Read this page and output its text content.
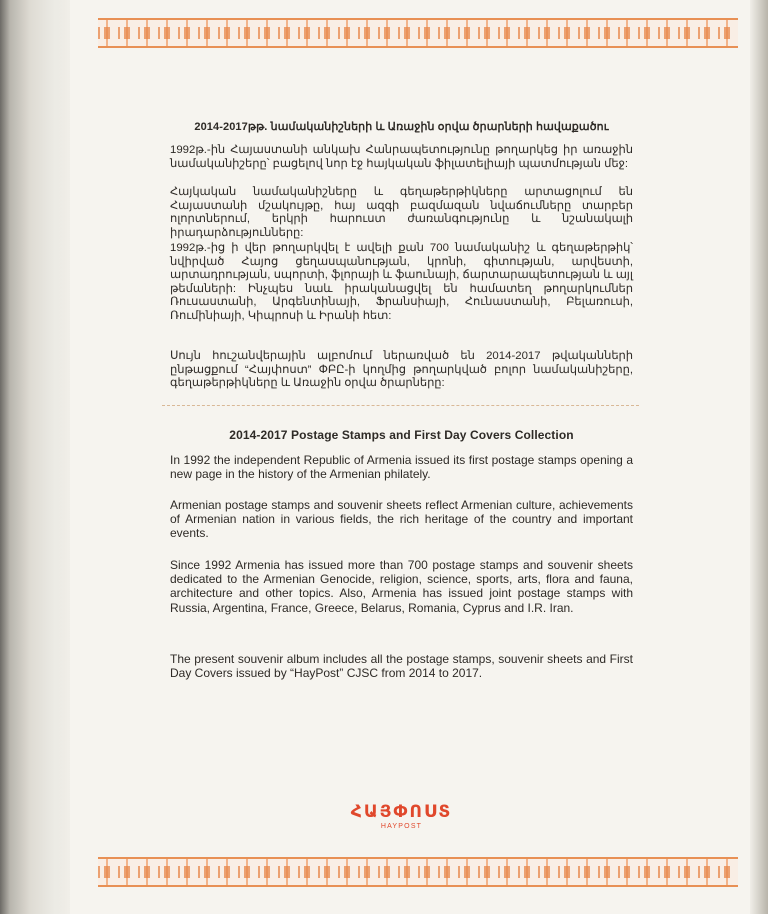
2014-2017թթ. նամականիշների և Առաջին օրվա ծրարների հավաքածու

1992թ.-ին Հայաստանի անկախ Հանրապետությունը թողարկեց իր առաջին նամականիշերը՝ բացելով նոր էջ հայկական ֆիլատելիայի պատմության մեջ:

Հայկական նամականիշները և գեղաթերթիկները արտացոլում են Հայաստանի մշակույթը, հայ ազգի բազմազան նվաճումները տարբեր ոլորտներում, երկրի հարուստ ժառանգությունը և նշանակալի իրադարձությունները:

1992թ.-ից ի վեր թողարկվել է ավելի քան 700 նամականիշ և գեղաթերթիկ՝ նվիրված Հայոց ցեղասպանության, կրոնի, գիտության, արվեստի, արտադրության, սպորտի, ֆլորայի և ֆաունայի, ճարտարապետության և այլ թեմաների: Ինչպես նաև իրականացվել են համատեղ թողարկումներ Ռուսաստանի, Արգենտինայի, Ֆրանսիայի, Հունաստանի, Բելառուսի, Ռումինիայի, Կիպրոսի և Իրանի հետ:

Սույն հուշանվերային ալբոմում ներառված են 2014-2017 թվականների ընթացքում “Հայփոստ” ՓԲԸ-ի կողմից թողարկված բոլոր նամականիշերը, գեղաթերթիկները և Առաջին օրվա ծրարները:

2014-2017 Postage Stamps and First Day Covers Collection

In 1992 the independent Republic of Armenia issued its first postage stamps opening a new page in the history of the Armenian philately.

Armenian postage stamps and souvenir sheets reflect Armenian culture, achievements of Armenian nation in various fields, the rich heritage of the country and important events.

Since 1992 Armenia has issued more than 700 postage stamps and souvenir sheets dedicated to the Armenian Genocide, religion, science, sports, arts, flora and fauna, architecture and other topics. Also, Armenia has issued joint postage stamps with Russia, Argentina, France, Greece, Belarus, Romania, Cyprus and I.R. Iran.

The present souvenir album includes all the postage stamps, souvenir sheets and First Day Covers issued by “HayPost” CJSC from 2014 to 2017.

ՀԱՅՓՈՍՏ
HAYPOST
